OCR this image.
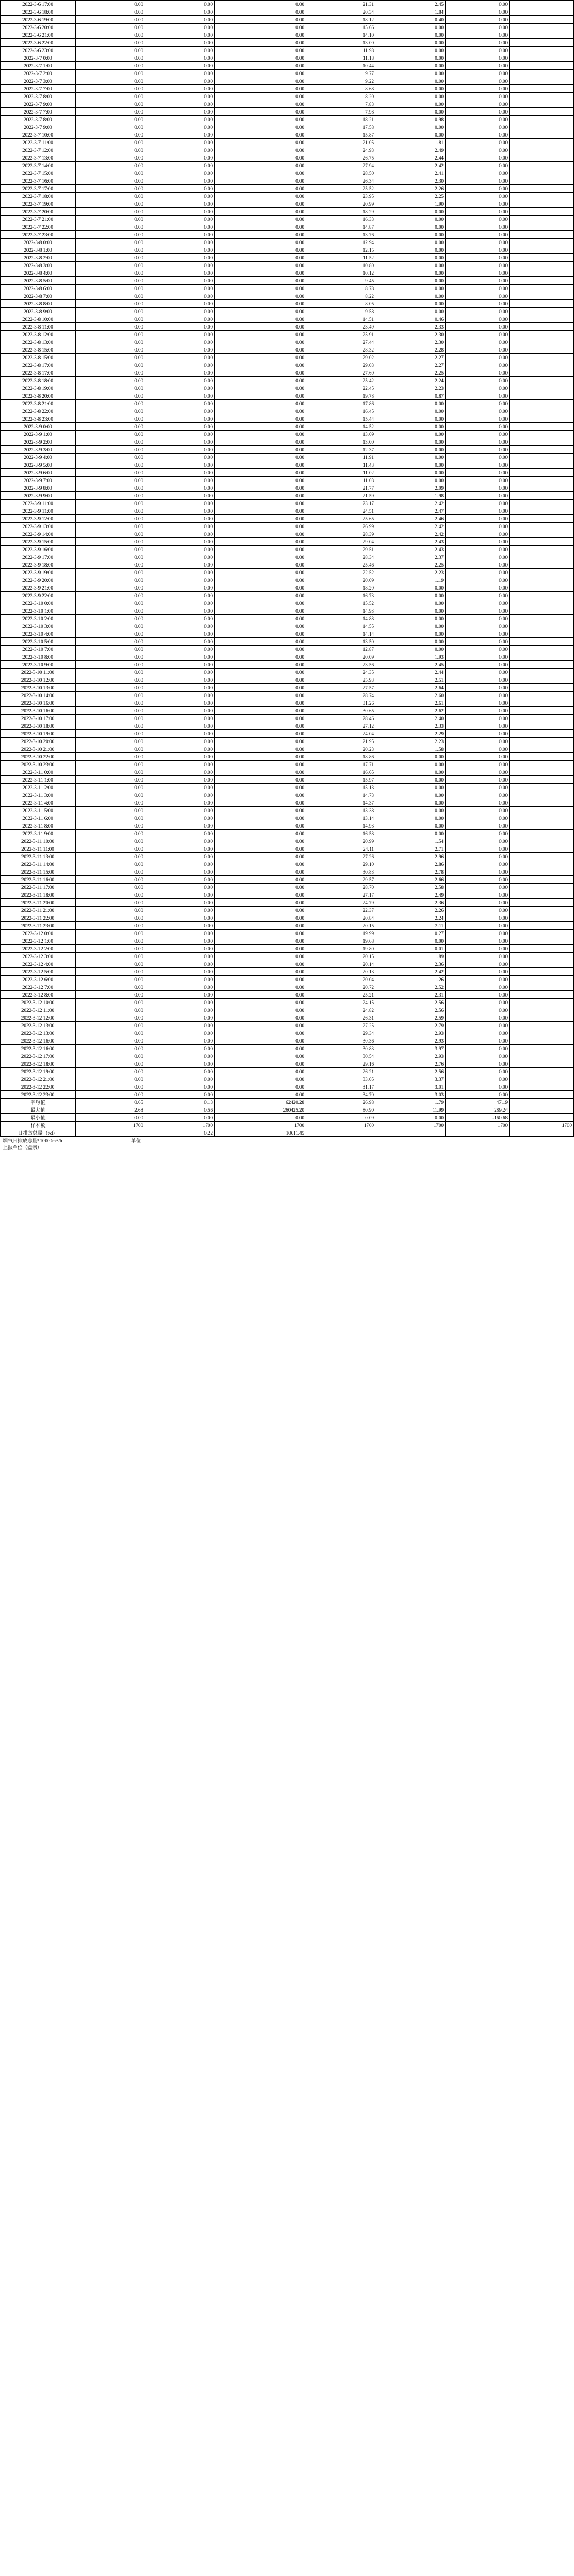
2022-3-6 17:00	0.00	0.00	0.00	21.31	2.45	0.00	
2022-3-6 18:00	0.00	0.00	0.00	20.34	1.84	0.00	
2022-3-6 19:00	0.00	0.00	0.00	18.12	0.40	0.00	
2022-3-6 20:00	0.00	0.00	0.00	15.66	0.00	0.00	
2022-3-6 21:00	0.00	0.00	0.00	14.10	0.00	0.00	
2022-3-6 22:00	0.00	0.00	0.00	13.00	0.00	0.00	
2022-3-6 23:00	0.00	0.00	0.00	11.98	0.00	0.00	
2022-3-7 0:00	0.00	0.00	0.00	11.18	0.00	0.00	
2022-3-7 1:00	0.00	0.00	0.00	10.44	0.00	0.00	
2022-3-7 2:00	0.00	0.00	0.00	9.77	0.00	0.00	
2022-3-7 3:00	0.00	0.00	0.00	9.22	0.00	0.00	
2022-3-7 7:00	0.00	0.00	0.00	8.68	0.00	0.00	
2022-3-7 8:00	0.00	0.00	0.00	8.20	0.00	0.00	
2022-3-7 9:00	0.00	0.00	0.00	7.83	0.00	0.00	
2022-3-7 7:00	0.00	0.00	0.00	7.98	0.00	0.00	
2022-3-7 8:00	0.00	0.00	0.00	18.21	0.98	0.00	
2022-3-7 9:00	0.00	0.00	0.00	17.58	0.00	0.00	
2022-3-7 10:00	0.00	0.00	0.00	15.87	0.00	0.00	
2022-3-7 11:00	0.00	0.00	0.00	21.05	1.81	0.00	
2022-3-7 12:00	0.00	0.00	0.00	24.93	2.49	0.00	
2022-3-7 13:00	0.00	0.00	0.00	26.75	2.44	0.00	
2022-3-7 14:00	0.00	0.00	0.00	27.94	2.42	0.00	
2022-3-7 15:00	0.00	0.00	0.00	28.50	2.41	0.00	
2022-3-7 16:00	0.00	0.00	0.00	26.34	2.30	0.00	
2022-3-7 17:00	0.00	0.00	0.00	25.52	2.26	0.00	
2022-3-7 18:00	0.00	0.00	0.00	23.95	2.25	0.00	
2022-3-7 19:00	0.00	0.00	0.00	20.99	1.90	0.00	
2022-3-7 20:00	0.00	0.00	0.00	18.29	0.00	0.00	
2022-3-7 21:00	0.00	0.00	0.00	16.33	0.00	0.00	
2022-3-7 22:00	0.00	0.00	0.00	14.87	0.00	0.00	
2022-3-7 23:00	0.00	0.00	0.00	13.76	0.00	0.00	
2022-3-8 0:00	0.00	0.00	0.00	12.94	0.00	0.00	
2022-3-8 1:00	0.00	0.00	0.00	12.15	0.00	0.00	
2022-3-8 2:00	0.00	0.00	0.00	11.52	0.00	0.00	
2022-3-8 3:00	0.00	0.00	0.00	10.80	0.00	0.00	
2022-3-8 4:00	0.00	0.00	0.00	10.12	0.00	0.00	
2022-3-8 5:00	0.00	0.00	0.00	9.45	0.00	0.00	
2022-3-8 6:00	0.00	0.00	0.00	8.78	0.00	0.00	
2022-3-8 7:00	0.00	0.00	0.00	8.22	0.00	0.00	
2022-3-8 8:00	0.00	0.00	0.00	8.05	0.00	0.00	
2022-3-8 9:00	0.00	0.00	0.00	9.58	0.00	0.00	
2022-3-8 10:00	0.00	0.00	0.00	14.51	0.46	0.00	
2022-3-8 11:00	0.00	0.00	0.00	23.49	2.33	0.00	
2022-3-8 12:00	0.00	0.00	0.00	25.91	2.30	0.00	
2022-3-8 13:00	0.00	0.00	0.00	27.44	2.30	0.00	
2022-3-8 15:00	0.00	0.00	0.00	28.32	2.28	0.00	
2022-3-8 15:00	0.00	0.00	0.00	29.02	2.27	0.00	
2022-3-8 17:00	0.00	0.00	0.00	29.03	2.27	0.00	
2022-3-8 17:00	0.00	0.00	0.00	27.60	2.25	0.00	
2022-3-8 18:00	0.00	0.00	0.00	25.42	2.24	0.00	
2022-3-8 19:00	0.00	0.00	0.00	22.45	2.23	0.00	
2022-3-8 20:00	0.00	0.00	0.00	19.78	0.87	0.00	
2022-3-8 21:00	0.00	0.00	0.00	17.86	0.00	0.00	
2022-3-8 22:00	0.00	0.00	0.00	16.45	0.00	0.00	
2022-3-8 23:00	0.00	0.00	0.00	15.44	0.00	0.00	
2022-3-9 0:00	0.00	0.00	0.00	14.52	0.00	0.00	
2022-3-9 1:00	0.00	0.00	0.00	13.69	0.00	0.00	
2022-3-9 2:00	0.00	0.00	0.00	13.00	0.00	0.00	
2022-3-9 3:00	0.00	0.00	0.00	12.37	0.00	0.00	
2022-3-9 4:00	0.00	0.00	0.00	11.91	0.00	0.00	
2022-3-9 5:00	0.00	0.00	0.00	11.43	0.00	0.00	
2022-3-9 6:00	0.00	0.00	0.00	11.02	0.00	0.00	
2022-3-9 7:00	0.00	0.00	0.00	11.03	0.00	0.00	
2022-3-9 8:00	0.00	0.00	0.00	21.77	2.09	0.00	
2022-3-9 9:00	0.00	0.00	0.00	21.59	1.98	0.00	
2022-3-9 11:00	0.00	0.00	0.00	23.17	2.42	0.00	
2022-3-9 11:00	0.00	0.00	0.00	24.51	2.47	0.00	
2022-3-9 12:00	0.00	0.00	0.00	25.65	2.46	0.00	
2022-3-9 13:00	0.00	0.00	0.00	26.99	2.42	0.00	
2022-3-9 14:00	0.00	0.00	0.00	28.39	2.42	0.00	
2022-3-9 15:00	0.00	0.00	0.00	29.04	2.43	0.00	
2022-3-9 16:00	0.00	0.00	0.00	29.51	2.43	0.00	
2022-3-9 17:00	0.00	0.00	0.00	28.34	2.37	0.00	
2022-3-9 18:00	0.00	0.00	0.00	25.46	2.25	0.00	
2022-3-9 19:00	0.00	0.00	0.00	22.52	2.23	0.00	
2022-3-9 20:00	0.00	0.00	0.00	20.09	1.19	0.00	
2022-3-9 21:00	0.00	0.00	0.00	18.20	0.00	0.00	
2022-3-9 22:00	0.00	0.00	0.00	16.73	0.00	0.00	
2022-3-10 0:00	0.00	0.00	0.00	15.52	0.00	0.00	
2022-3-10 1:00	0.00	0.00	0.00	14.93	0.00	0.00	
2022-3-10 2:00	0.00	0.00	0.00	14.88	0.00	0.00	
2022-3-10 3:00	0.00	0.00	0.00	14.55	0.00	0.00	
2022-3-10 4:00	0.00	0.00	0.00	14.14	0.00	0.00	
2022-3-10 5:00	0.00	0.00	0.00	13.50	0.00	0.00	
2022-3-10 7:00	0.00	0.00	0.00	12.87	0.00	0.00	
2022-3-10 8:00	0.00	0.00	0.00	20.09	1.93	0.00	
2022-3-10 9:00	0.00	0.00	0.00	23.56	2.45	0.00	
2022-3-10 11:00	0.00	0.00	0.00	24.35	2.44	0.00	
2022-3-10 12:00	0.00	0.00	0.00	25.93	2.51	0.00	
2022-3-10 13:00	0.00	0.00	0.00	27.57	2.64	0.00	
2022-3-10 14:00	0.00	0.00	0.00	28.74	2.60	0.00	
2022-3-10 16:00	0.00	0.00	0.00	31.26	2.61	0.00	
2022-3-10 16:00	0.00	0.00	0.00	30.65	2.62	0.00	
2022-3-10 17:00	0.00	0.00	0.00	28.46	2.40	0.00	
2022-3-10 18:00	0.00	0.00	0.00	27.12	2.33	0.00	
2022-3-10 19:00	0.00	0.00	0.00	24.04	2.29	0.00	
2022-3-10 20:00	0.00	0.00	0.00	21.95	2.23	0.00	
2022-3-10 21:00	0.00	0.00	0.00	20.23	1.58	0.00	
2022-3-10 22:00	0.00	0.00	0.00	18.86	0.00	0.00	
2022-3-10 23:00	0.00	0.00	0.00	17.71	0.00	0.00	
2022-3-11 0:00	0.00	0.00	0.00	16.65	0.00	0.00	
2022-3-11 1:00	0.00	0.00	0.00	15.97	0.00	0.00	
2022-3-11 2:00	0.00	0.00	0.00	15.13	0.00	0.00	
2022-3-11 3:00	0.00	0.00	0.00	14.73	0.00	0.00	
2022-3-11 4:00	0.00	0.00	0.00	14.37	0.00	0.00	
2022-3-11 5:00	0.00	0.00	0.00	13.38	0.00	0.00	
2022-3-11 6:00	0.00	0.00	0.00	13.14	0.00	0.00	
2022-3-11 8:00	0.00	0.00	0.00	14.93	0.00	0.00	
2022-3-11 9:00	0.00	0.00	0.00	16.58	0.00	0.00	
2022-3-11 10:00	0.00	0.00	0.00	20.99	1.54	0.00	
2022-3-11 11:00	0.00	0.00	0.00	24.11	2.71	0.00	
2022-3-11 13:00	0.00	0.00	0.00	27.26	2.96	0.00	
2022-3-11 14:00	0.00	0.00	0.00	29.10	2.86	0.00	
2022-3-11 15:00	0.00	0.00	0.00	30.83	2.78	0.00	
2022-3-11 16:00	0.00	0.00	0.00	29.57	2.66	0.00	
2022-3-11 17:00	0.00	0.00	0.00	28.70	2.58	0.00	
2022-3-11 18:00	0.00	0.00	0.00	27.17	2.49	0.00	
2022-3-11 20:00	0.00	0.00	0.00	24.79	2.36	0.00	
2022-3-11 21:00	0.00	0.00	0.00	22.37	2.26	0.00	
2022-3-11 22:00	0.00	0.00	0.00	20.84	2.24	0.00	
2022-3-11 23:00	0.00	0.00	0.00	20.15	2.11	0.00	
2022-3-12 0:00	0.00	0.00	0.00	19.99	0.27	0.00	
2022-3-12 1:00	0.00	0.00	0.00	19.68	0.00	0.00	
2022-3-12 2:00	0.00	0.00	0.00	19.80	0.01	0.00	
2022-3-12 3:00	0.00	0.00	0.00	20.15	1.89	0.00	
2022-3-12 4:00	0.00	0.00	0.00	20.14	2.36	0.00	
2022-3-12 5:00	0.00	0.00	0.00	20.13	2.42	0.00	
2022-3-12 6:00	0.00	0.00	0.00	20.04	1.26	0.00	
2022-3-12 7:00	0.00	0.00	0.00	20.72	2.52	0.00	
2022-3-12 8:00	0.00	0.00	0.00	25.21	2.31	0.00	
2022-3-12 10:00	0.00	0.00	0.00	24.15	2.56	0.00	
2022-3-12 11:00	0.00	0.00	0.00	24.82	2.56	0.00	
2022-3-12 12:00	0.00	0.00	0.00	26.31	2.59	0.00	
2022-3-12 13:00	0.00	0.00	0.00	27.25	2.79	0.00	
2022-3-12 13:00	0.00	0.00	0.00	29.34	2.93	0.00	
2022-3-12 16:00	0.00	0.00	0.00	30.36	2.93	0.00	
2022-3-12 16:00	0.00	0.00	0.00	30.83	3.97	0.00	
2022-3-12 17:00	0.00	0.00	0.00	30.54	2.93	0.00	
2022-3-12 18:00	0.00	0.00	0.00	29.16	2.76	0.00	
2022-3-12 19:00	0.00	0.00	0.00	26.21	2.56	0.00	
2022-3-12 21:00	0.00	0.00	0.00	33.05	3.37	0.00	
2022-3-12 22:00	0.00	0.00	0.00	31.17	3.01	0.00	
2022-3-12 23:00	0.00	0.00	0.00	34.70	3.03	0.00	
平均值	0.65	0.13	62420.28	26.98	1.79	47.19	
最大值	2.68	0.56	260425.20	80.90	11.99	289.24	
最小值	0.00	0.00	0.00	0.09	0.00	-160.68	
样本数	1700	1700	1700	1700	1700	1700	1700
日排放总量（t/d）		0.22	10611.45				
烟气日排放总量*10000m3/h
上报单位（盘亲）

单位
